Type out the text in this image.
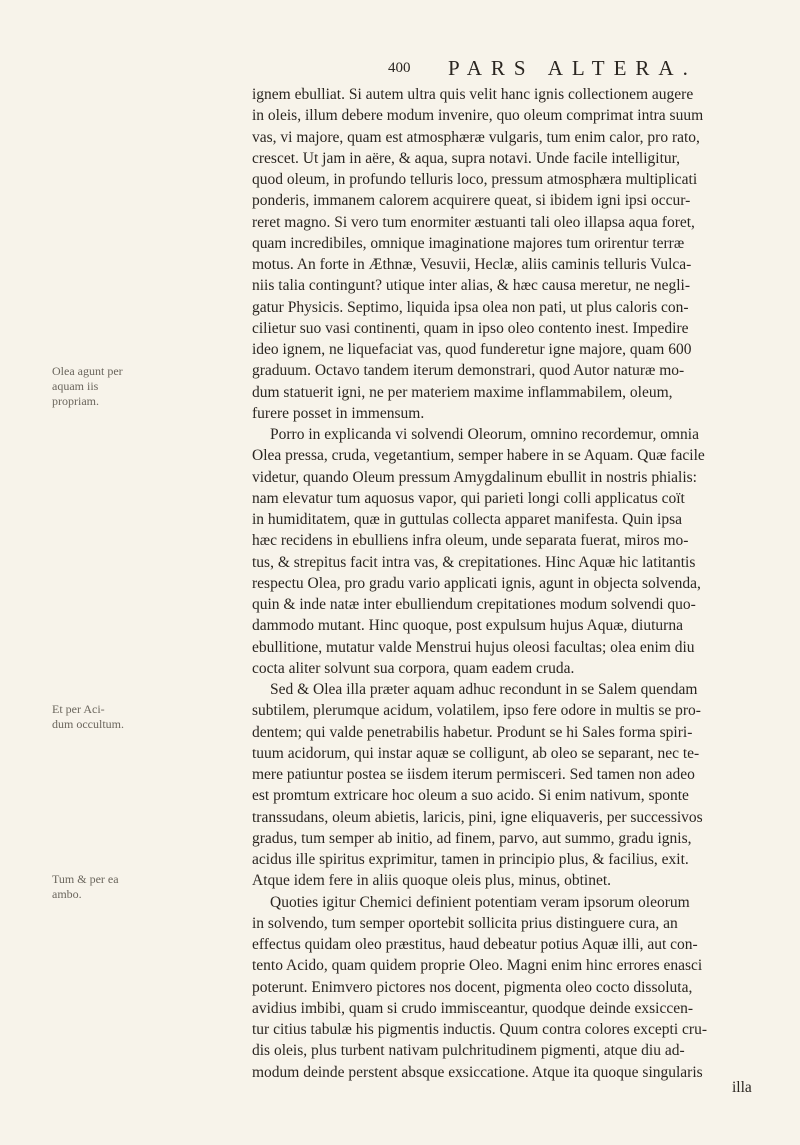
400 PARS ALTERA.
Olea agunt per aquam iis propriam.
Et per Aci-dum occultum.
Tum & per ea ambo.
ignem ebulliat. Si autem ultra quis velit hanc ignis collectionem augere
in oleis, illum debere modum invenire, quo oleum comprimat intra suum
vas, vi majore, quam est atmosphæræ vulgaris, tum enim calor, pro rato,
crescet. Ut jam in aëre, & aqua, supra notavi. Unde facile intelligitur,
quod oleum, in profundo telluris loco, pressum atmosphæra multiplicati
ponderis, immanem calorem acquirere queat, si ibidem igni ipsi occur-
reret magno. Si vero tum enormiter æstuanti tali oleo illapsa aqua foret,
quam incredibiles, omnique imaginatione majores tum orirentur terræ
motus. An forte in Æthnæ, Vesuvii, Heclæ, aliis caminis telluris Vulca-
niis talia contingunt? utique inter alias, & hæc causa meretur, ne negli-
gatur Physicis. Septimo, liquida ipsa olea non pati, ut plus caloris con-
cilietur suo vasi continenti, quam in ipso oleo contento inest. Impedire
ideo ignem, ne liquefaciat vas, quod funderetur igne majore, quam 600
graduum. Octavo tandem iterum demonstrari, quod Autor naturæ mo-
dum statuerit igni, ne per materiem maxime inflammabilem, oleum,
furere posset in immensum.
Porro in explicanda vi solvendi Oleorum, omnino recordemur, omnia
Olea pressa, cruda, vegetantium, semper habere in se Aquam. Quæ facile
videtur, quando Oleum pressum Amygdalinum ebullit in nostris phialis:
nam elevatur tum aquosus vapor, qui parieti longi colli applicatus coït
in humiditatem, quæ in guttulas collecta apparet manifesta. Quin ipsa
hæc recidens in ebulliens infra oleum, unde separata fuerat, miros mo-
tus, & strepitus facit intra vas, & crepitationes. Hinc Aquæ hic latitantis
respectu Olea, pro gradu vario applicati ignis, agunt in objecta solvenda,
quin & inde natæ inter ebulliendum crepitationes modum solvendi quo-
dammodo mutant. Hinc quoque, post expulsum hujus Aquæ, diuturna
ebullitione, mutatur valde Menstrui hujus oleosi facultas; olea enim diu
cocta aliter solvunt sua corpora, quam eadem cruda.
Sed & Olea illa præter aquam adhuc recondunt in se Salem quendam
subtilem, plerumque acidum, volatilem, ipso fere odore in multis se pro-
dentem; qui valde penetrabilis habetur. Produnt se hi Sales forma spiri-
tuum acidorum, qui instar aquæ se colligunt, ab oleo se separant, nec te-
mere patiuntur postea se iisdem iterum permisceri. Sed tamen non adeo
est promtum extricare hoc oleum a suo acido. Si enim nativum, sponte
transsudans, oleum abietis, laricis, pini, igne eliquaveris, per successivos
gradus, tum semper ab initio, ad finem, parvo, aut summo, gradu ignis,
acidus ille spiritus exprimitur, tamen in principio plus, & facilius, exit.
Atque idem fere in aliis quoque oleis plus, minus, obtinet.
Quoties igitur Chemici definient potentiam veram ipsorum oleorum
in solvendo, tum semper oportebit sollicita prius distinguere cura, an
effectus quidam oleo præstitus, haud debeatur potius Aquæ illi, aut con-
tento Acido, quam quidem proprie Oleo. Magni enim hinc errores enasci
poterunt. Enimvero pictores nos docent, pigmenta oleo cocto dissoluta,
avidius imbibi, quam si crudo immisceantur, quodque deinde exsiccen-
tur citius tabulæ his pigmentis inductis. Quum contra colores excepti cru-
dis oleis, plus turbent nativam pulchritudinem pigmenti, atque diu ad-
modum deinde perstent absque exsiccatione. Atque ita quoque singularis
illa
